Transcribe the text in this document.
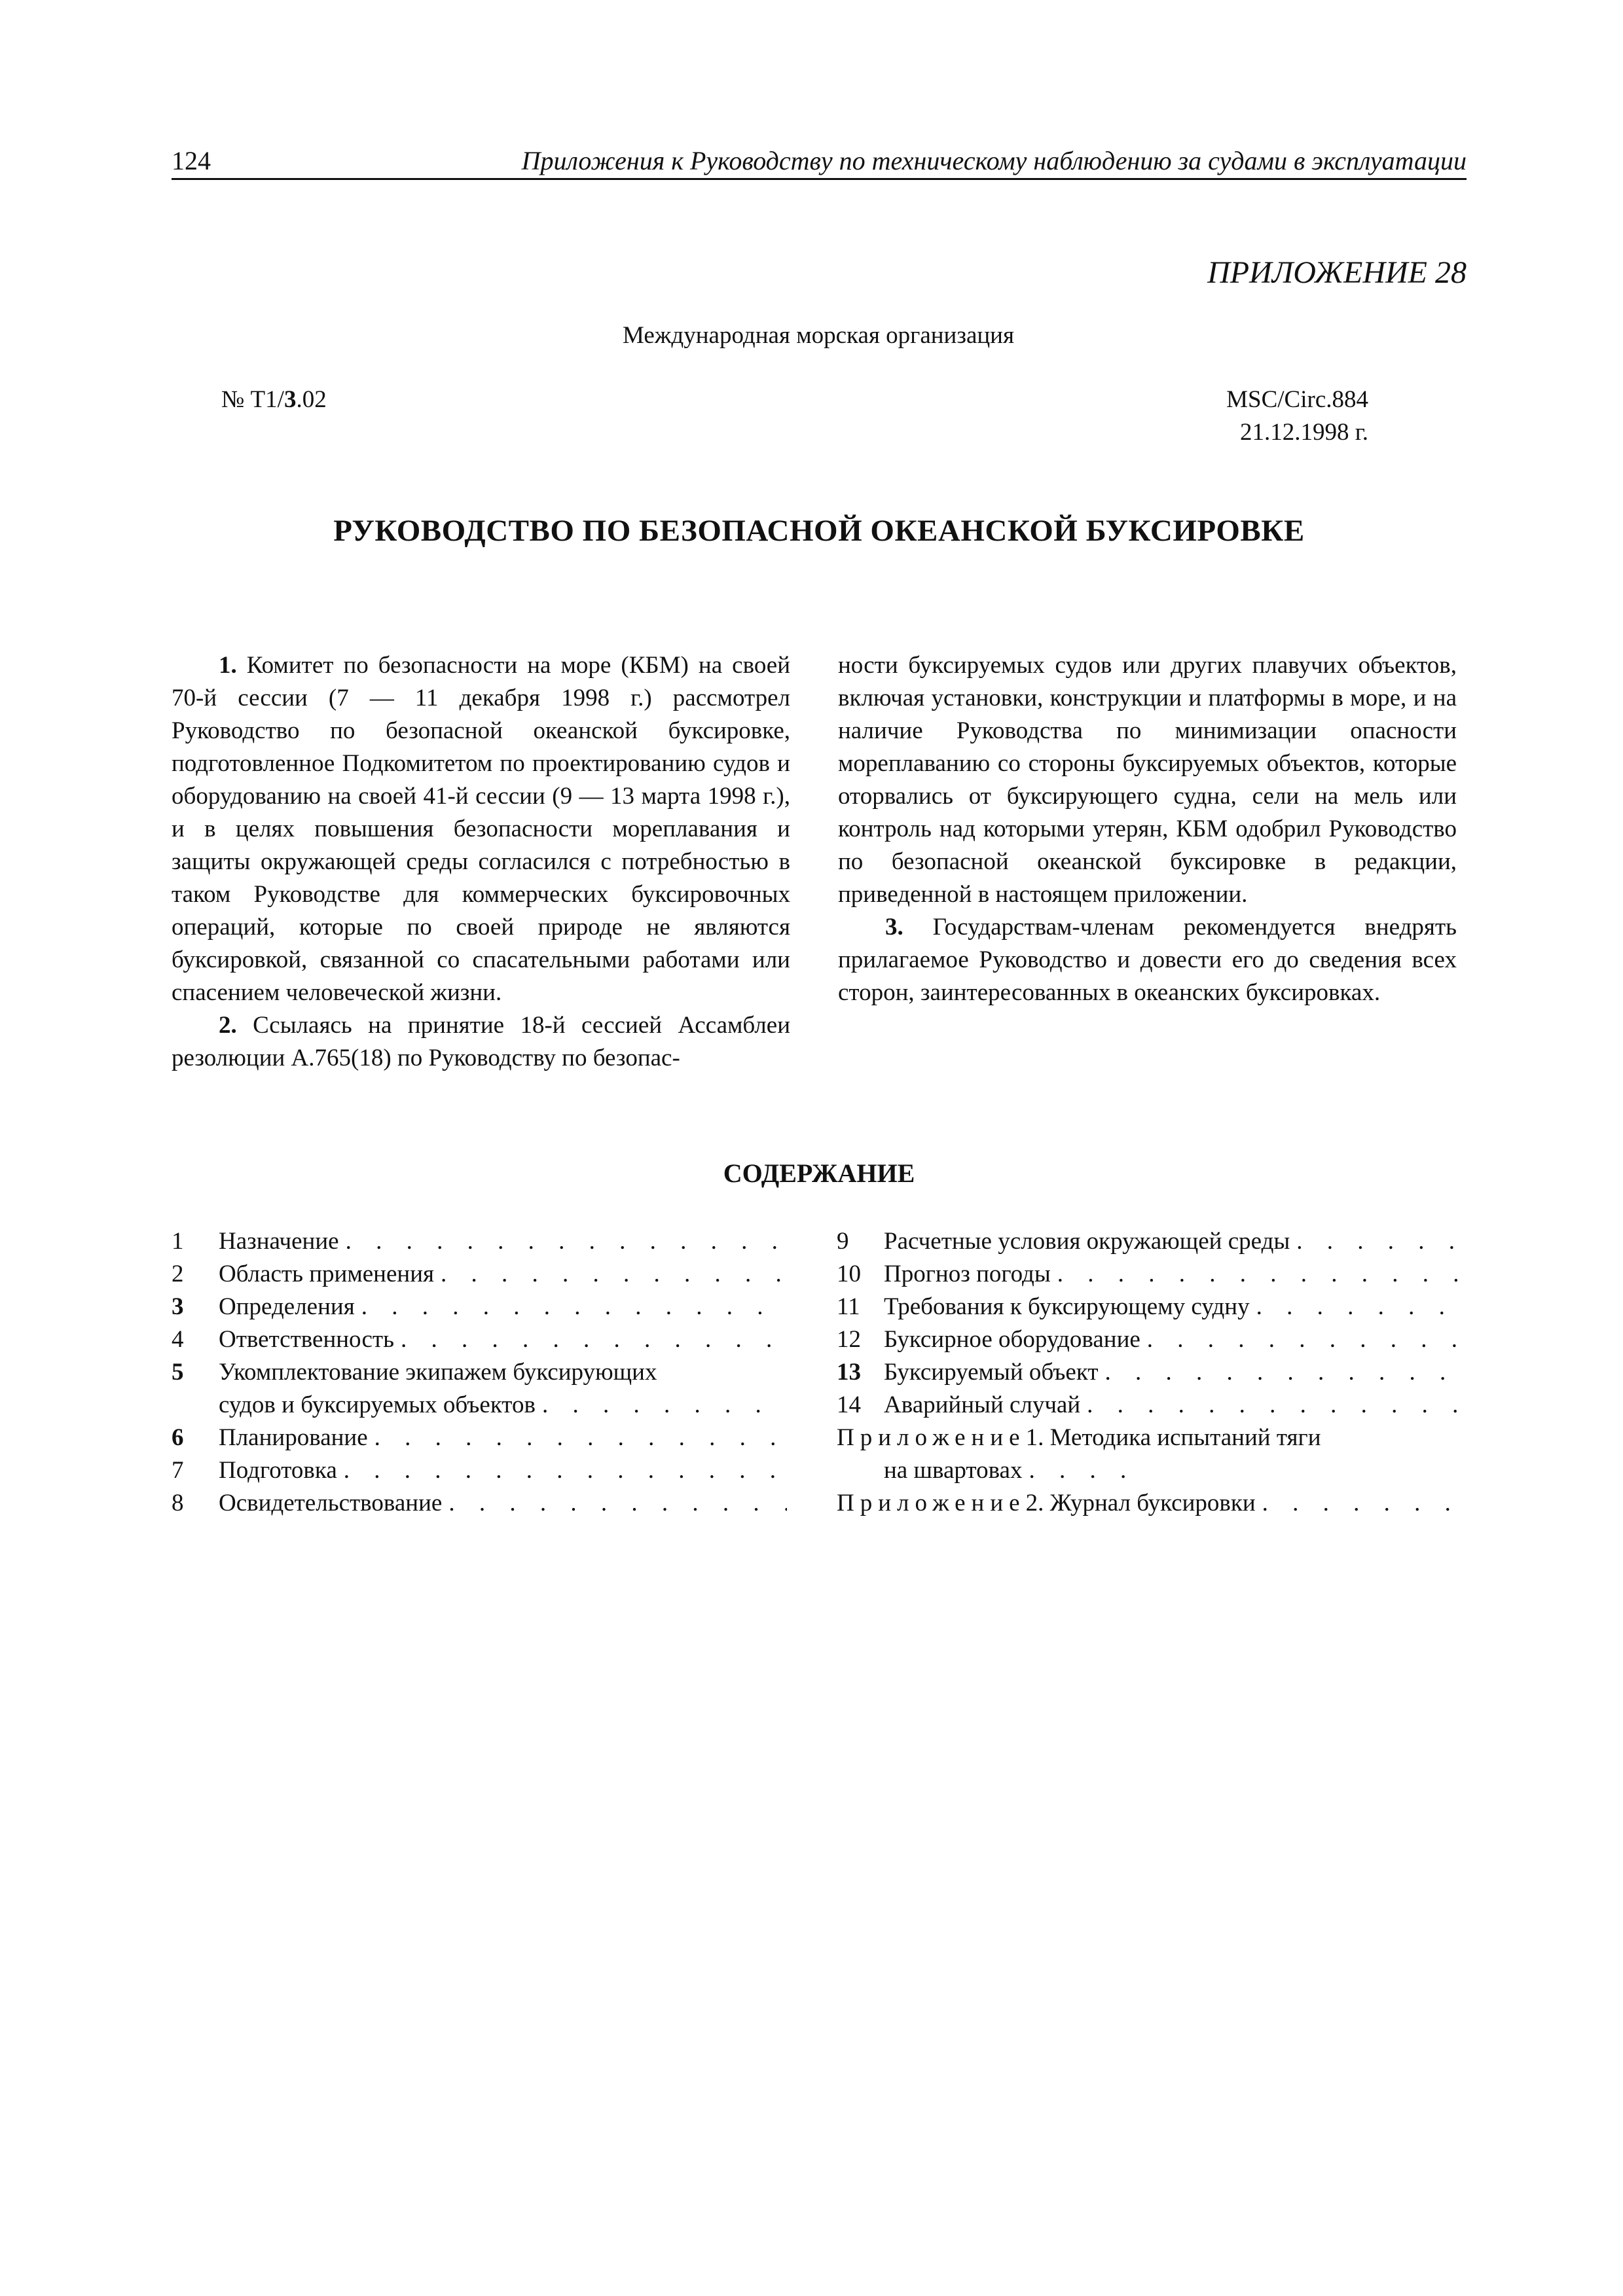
124	Приложения к Руководству по техническому наблюдению за судами в эксплуатации
ПРИЛОЖЕНИЕ 28
Международная морская организация
№ Т1/3.02	MSC/Circ.884
21.12.1998 г.
РУКОВОДСТВО ПО БЕЗОПАСНОЙ ОКЕАНСКОЙ БУКСИРОВКЕ

1. Комитет по безопасности на море (КБМ) на своей 70-й сессии (7 — 11 декабря 1998 г.) рассмотрел Руководство по безопасной океанской буксировке, подготовленное Подкомитетом по проектированию судов и оборудованию на своей 41-й сессии (9 — 13 марта 1998 г.), и в целях повышения безопасности мореплавания и защиты окружающей среды согласился с потребностью в таком Руководстве для коммерческих буксировочных операций, которые по своей природе не являются буксировкой, связанной со спасательными работами или спасением человеческой жизни.

2. Ссылаясь на принятие 18-й сессией Ассамблеи резолюции А.765(18) по Руководству по безопас-

ности буксируемых судов или других плавучих объектов, включая установки, конструкции и платформы в море, и на наличие Руководства по минимизации опасности мореплаванию со стороны буксируемых объектов, которые оторвались от буксирующего судна, сели на мель или контроль над которыми утерян, КБМ одобрил Руководство по безопасной океанской буксировке в редакции, приведенной в настоящем приложении.

3. Государствам-членам рекомендуется внедрять прилагаемое Руководство и довести его до сведения всех сторон, заинтересованных в океанских буксировках.

СОДЕРЖАНИЕ
1	Назначение
. . .
2	Область применения
. . .
3	Определения
. . .
4	Ответственность
. . .
5	Укомплектование экипажем буксирующих
судов и буксируемых объектов
. . .
6	Планирование
. . .
7	Подготовка
. . .
8	Освидетельствование
. . .
9	Расчетные условия окружающей среды
. . .
10 Прогноз погоды
. . .
11 Требования к буксирующему судну
. . .
12 Буксирное оборудование
. . .
13 Буксируемый объект
. . .
14 Аварийный случай
. . .
Приложение 1. Методика испытаний тяги
на швартовах
. . .
Приложение 2. Журнал буксировки
. . .
